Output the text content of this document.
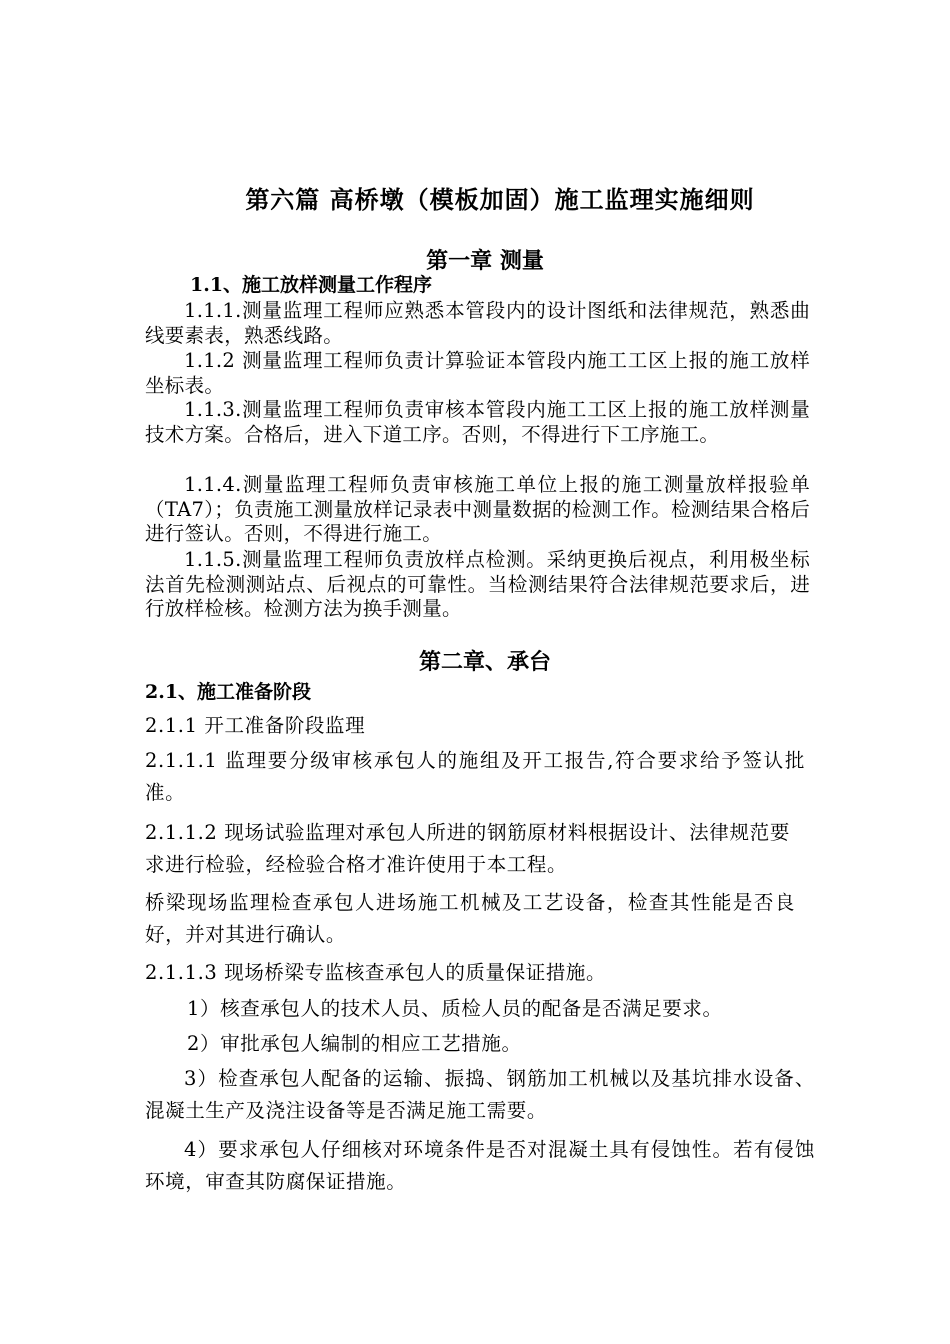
第六篇 高桥墩（模板加固）施工监理实施细则
第一章 测量
1.1、施工放样测量工作程序

1.1.1.测量监理工程师应熟悉本管段内的设计图纸和法律规范，熟悉曲线要素表，熟悉线路。

1.1.2 测量监理工程师负责计算验证本管段内施工工区上报的施工放样坐标表。

1.1.3.测量监理工程师负责审核本管段内施工工区上报的施工放样测量技术方案。合格后，进入下道工序。否则，不得进行下工序施工。

1.1.4.测量监理工程师负责审核施工单位上报的施工测量放样报验单（TA7）；负责施工测量放样记录表中测量数据的检测工作。检测结果合格后进行签认。否则，不得进行施工。

1.1.5.测量监理工程师负责放样点检测。采纳更换后视点，利用极坐标法首先检测测站点、后视点的可靠性。当检测结果符合法律规范要求后，进行放样检核。检测方法为换手测量。

第二章、承台
2.1、施工准备阶段
2.1.1 开工准备阶段监理

2.1.1.1 监理要分级审核承包人的施组及开工报告,符合要求给予签认批准。

2.1.1.2 现场试验监理对承包人所进的钢筋原材料根据设计、法律规范要求进行检验，经检验合格才准许使用于本工程。

桥梁现场监理检查承包人进场施工机械及工艺设备，检查其性能是否良好，并对其进行确认。

2.1.1.3 现场桥梁专监核查承包人的质量保证措施。
1）核查承包人的技术人员、质检人员的配备是否满足要求。
2）审批承包人编制的相应工艺措施。

3）检查承包人配备的运输、振捣、钢筋加工机械以及基坑排水设备、混凝土生产及浇注设备等是否满足施工需要。

4）要求承包人仔细核对环境条件是否对混凝土具有侵蚀性。若有侵蚀环境，审查其防腐保证措施。
